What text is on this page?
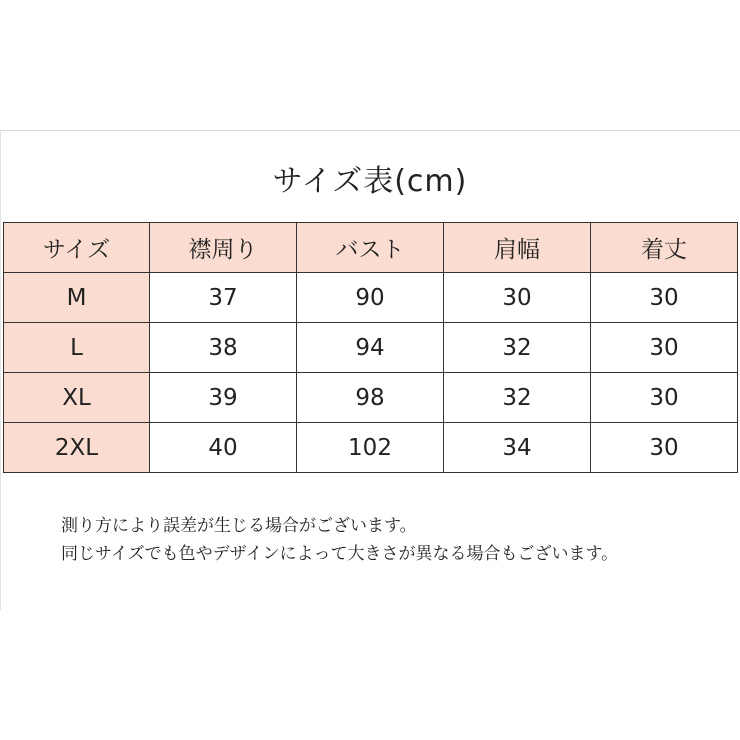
サイズ表(cm)
サイズ	襟周り	バスト	肩幅	着丈
M	37	90	30	30
L	38	94	32	30
XL	39	98	32	30
2XL	40	102	34	30

測り方により誤差が生じる場合がございます。

同じサイズでも色やデザインによって大きさが異なる場合もございます。
